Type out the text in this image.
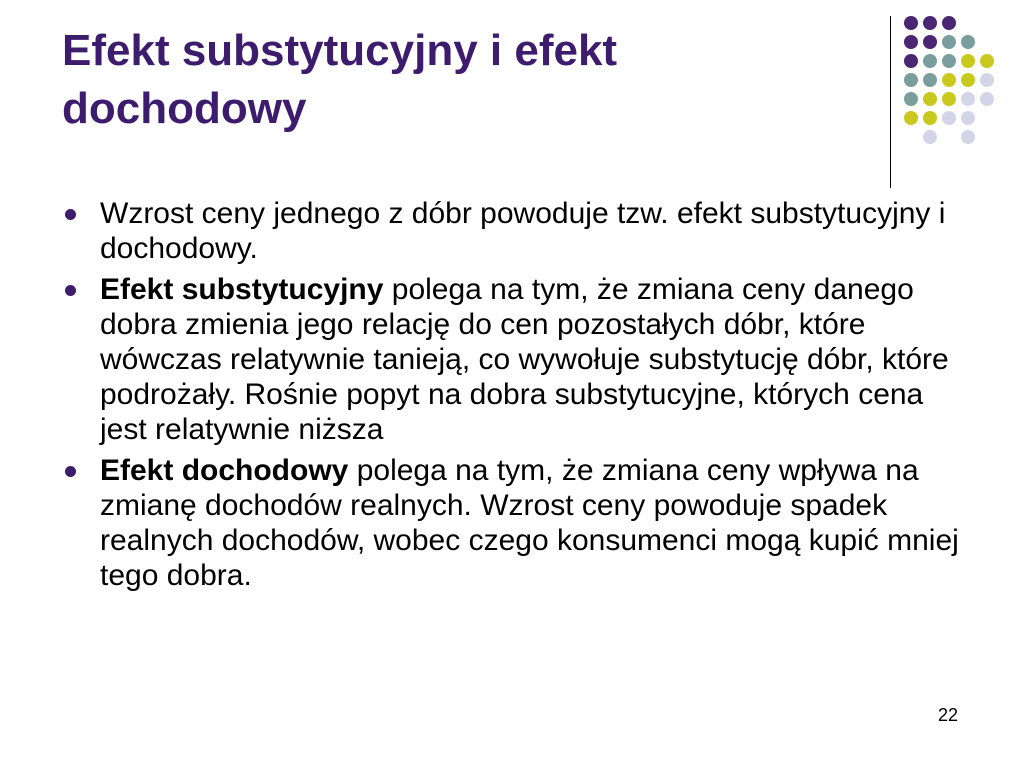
Efekt substytucyjny i efekt dochodowy
Wzrost ceny jednego z dóbr powoduje tzw. efekt substytucyjny i dochodowy.
Efekt substytucyjny polega na tym, że zmiana ceny danego dobra zmienia jego relację do cen pozostałych dóbr, które wówczas relatywnie tanieją, co wywołuje substytucję dóbr, które podrożały. Rośnie popyt na dobra substytucyjne, których cena jest relatywnie niższa
Efekt dochodowy polega na tym, że zmiana ceny wpływa na zmianę dochodów realnych. Wzrost ceny powoduje spadek realnych dochodów, wobec czego konsumenci mogą kupić mniej tego dobra.
22
